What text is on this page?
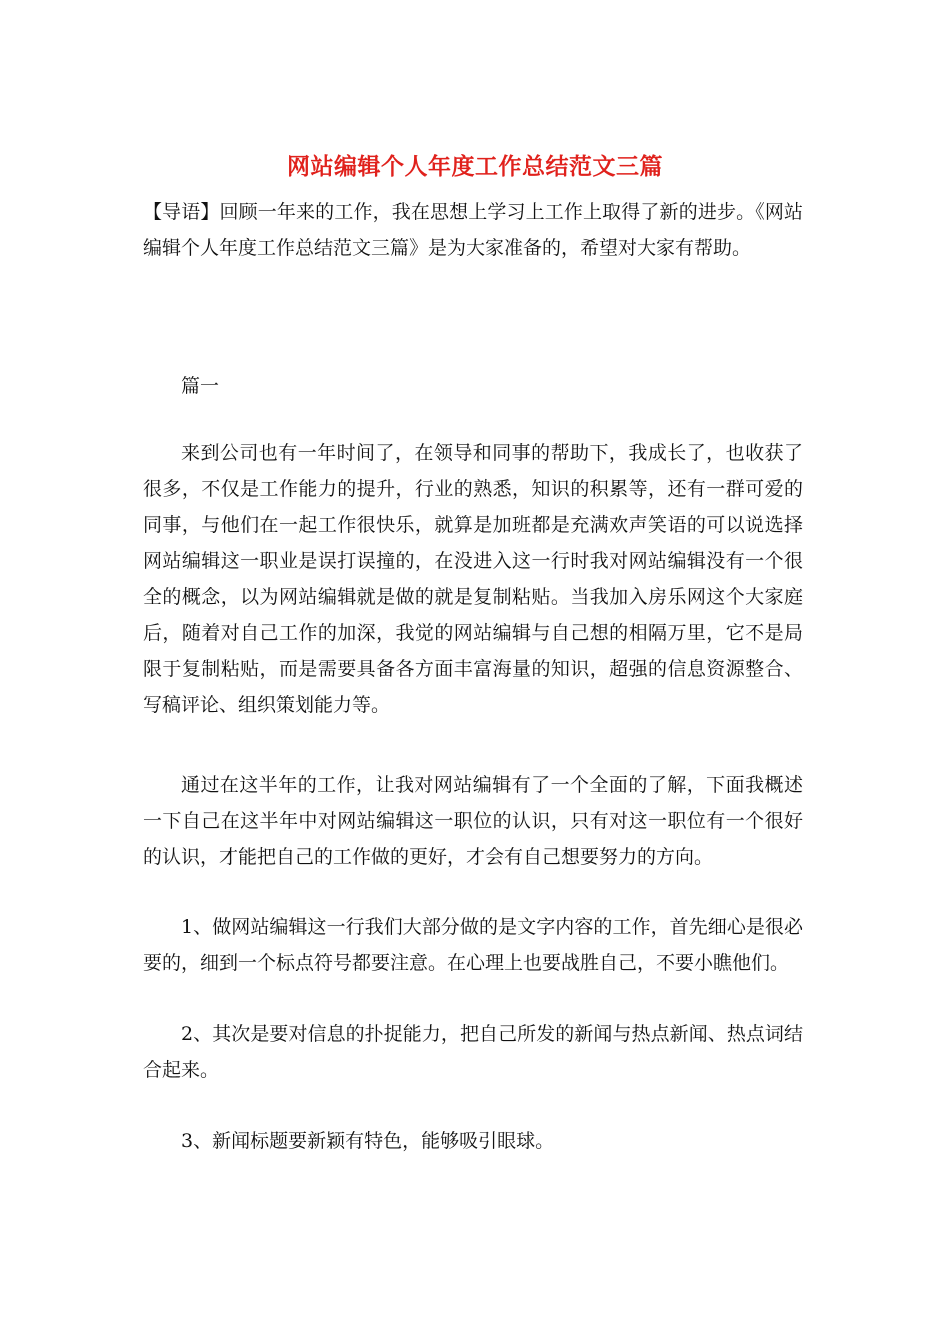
网站编辑个人年度工作总结范文三篇

【导语】回顾一年来的工作，我在思想上学习上工作上取得了新的进步。《网站编辑个人年度工作总结范文三篇》是为大家准备的，希望对大家有帮助。

篇一

来到公司也有一年时间了，在领导和同事的帮助下，我成长了，也收获了很多，不仅是工作能力的提升，行业的熟悉，知识的积累等，还有一群可爱的同事，与他们在一起工作很快乐，就算是加班都是充满欢声笑语的可以说选择网站编辑这一职业是误打误撞的，在没进入这一行时我对网站编辑没有一个很全的概念，以为网站编辑就是做的就是复制粘贴。当我加入房乐网这个大家庭后，随着对自己工作的加深，我觉的网站编辑与自己想的相隔万里，它不是局限于复制粘贴，而是需要具备各方面丰富海量的知识，超强的信息资源整合、写稿评论、组织策划能力等。

通过在这半年的工作，让我对网站编辑有了一个全面的了解，下面我概述一下自己在这半年中对网站编辑这一职位的认识，只有对这一职位有一个很好的认识，才能把自己的工作做的更好，才会有自己想要努力的方向。

1、做网站编辑这一行我们大部分做的是文字内容的工作，首先细心是很必要的，细到一个标点符号都要注意。在心理上也要战胜自己，不要小瞧他们。

2、其次是要对信息的扑捉能力，把自己所发的新闻与热点新闻、热点词结合起来。

3、新闻标题要新颖有特色，能够吸引眼球。
